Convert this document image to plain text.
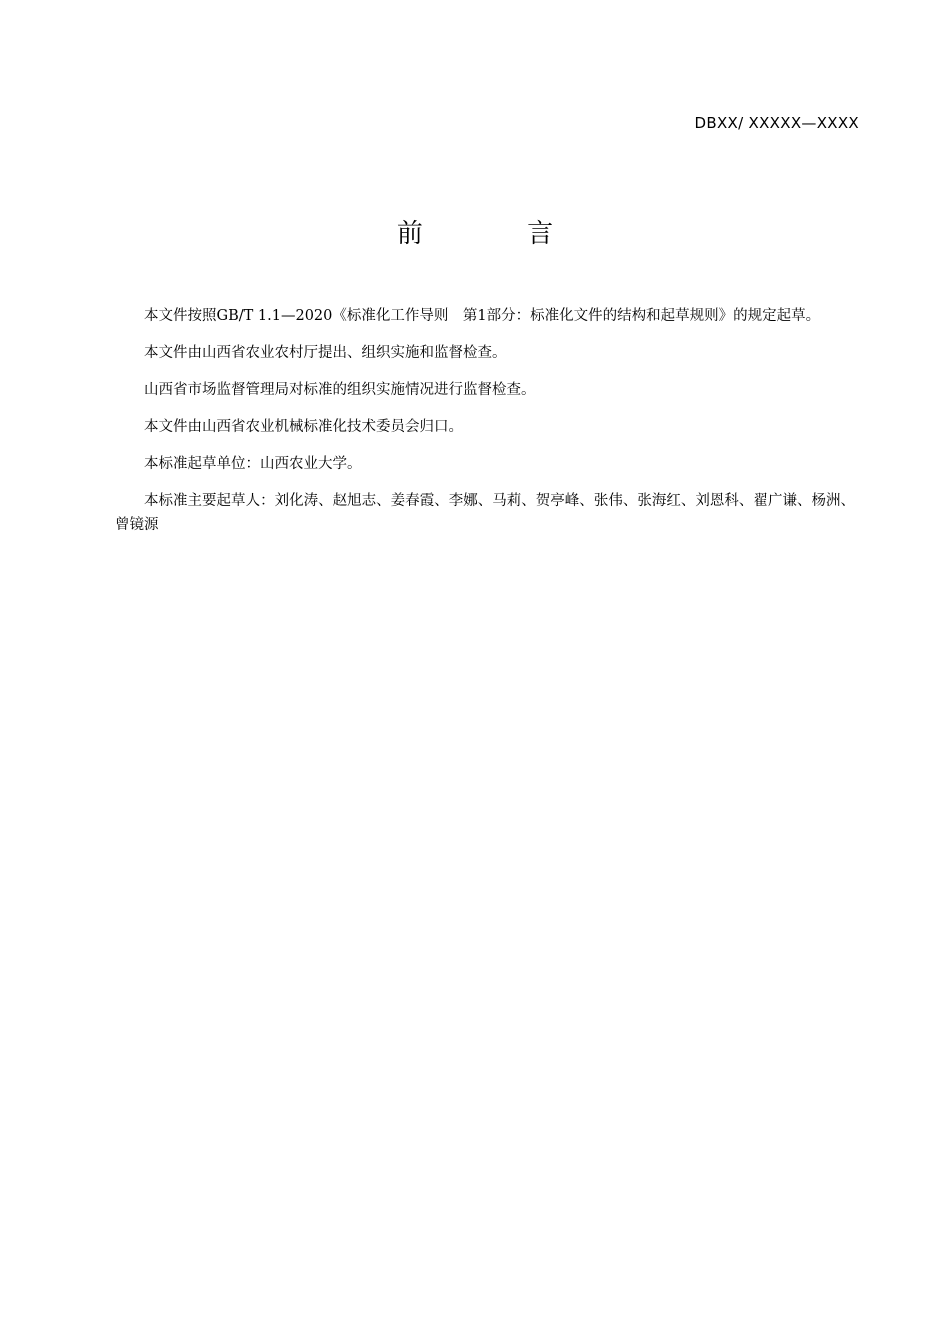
DBXX/ XXXXX—XXXX
前 言

本文件按照GB/T 1.1—2020《标准化工作导则　第1部分：标准化文件的结构和起草规则》的规定起草。

本文件由山西省农业农村厅提出、组织实施和监督检查。

山西省市场监督管理局对标准的组织实施情况进行监督检查。

本文件由山西省农业机械标准化技术委员会归口。

本标准起草单位：山西农业大学。

本标准主要起草人：刘化涛、赵旭志、姜春霞、李娜、马莉、贺亭峰、张伟、张海红、刘恩科、翟广谦、杨洲、曾镜源
